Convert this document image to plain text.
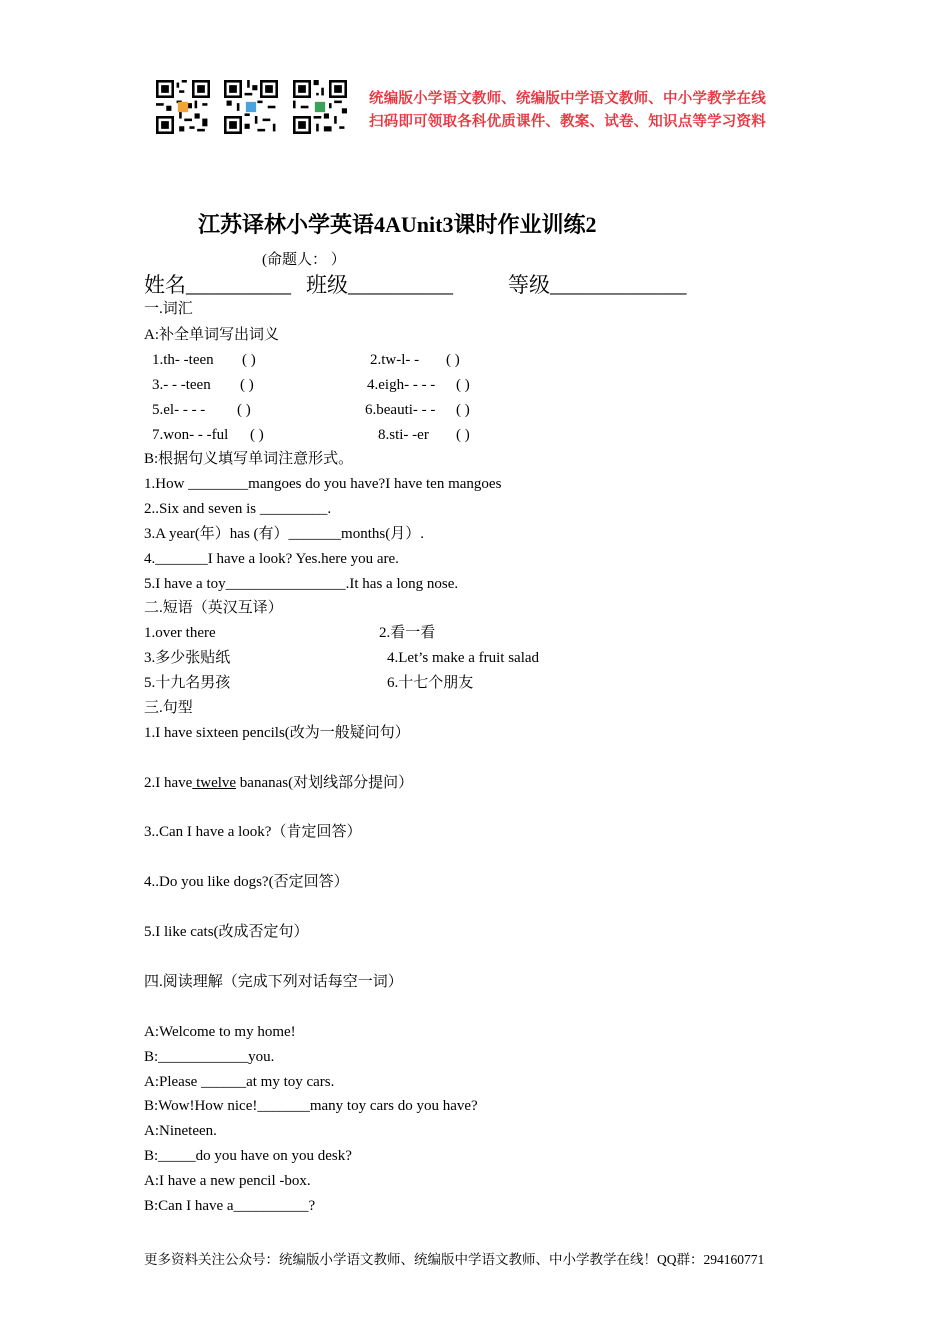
统编版小学语文教师、统编版中学语文教师、中小学教学在线
扫码即可领取各科优质课件、教案、试卷、知识点等学习资料
江苏译林小学英语4AUnit3课时作业训练2
(命题人： ）
姓名__________ 班级__________	等级_____________
一.词汇
A:补全单词写出词义
1.th- -teen ( )	2.tw-l- - ( )
3.- - -teen ( )	4.eigh- - - - ( )
5.el- - - - ( )	6.beauti- - - ( )
7.won- - -ful ( )	8.sti- -er ( )
B:根据句义填写单词注意形式。
1.How ________mangoes do you have?I have ten mangoes
2..Six and seven is _________.
3.A year(年）has (有）_______months(月）.
4._______I have a look? Yes.here you are.
5.I have a toy________________.It has a long nose.
二.短语（英汉互译）
1.over there	2.看一看
3.多少张贴纸	4.Let’s make a fruit salad
5.十九名男孩	6.十七个朋友
三.句型
1.I have sixteen pencils(改为一般疑问句）
2.I have twelve bananas(对划线部分提问）
3..Can I have a look?（肯定回答）
4..Do you like dogs?(否定回答）
5.I like cats(改成否定句）
四.阅读理解（完成下列对话每空一词）
A:Welcome to my home!
B:____________you.
A:Please ______at my toy cars.
B:Wow!How nice!_______many toy cars do you have?
A:Nineteen.
B:_____do you have on you desk?
A:I have a new pencil -box.
B:Can I have a__________?
更多资料关注公众号：统编版小学语文教师、统编版中学语文教师、中小学教学在线！QQ群：294160771
